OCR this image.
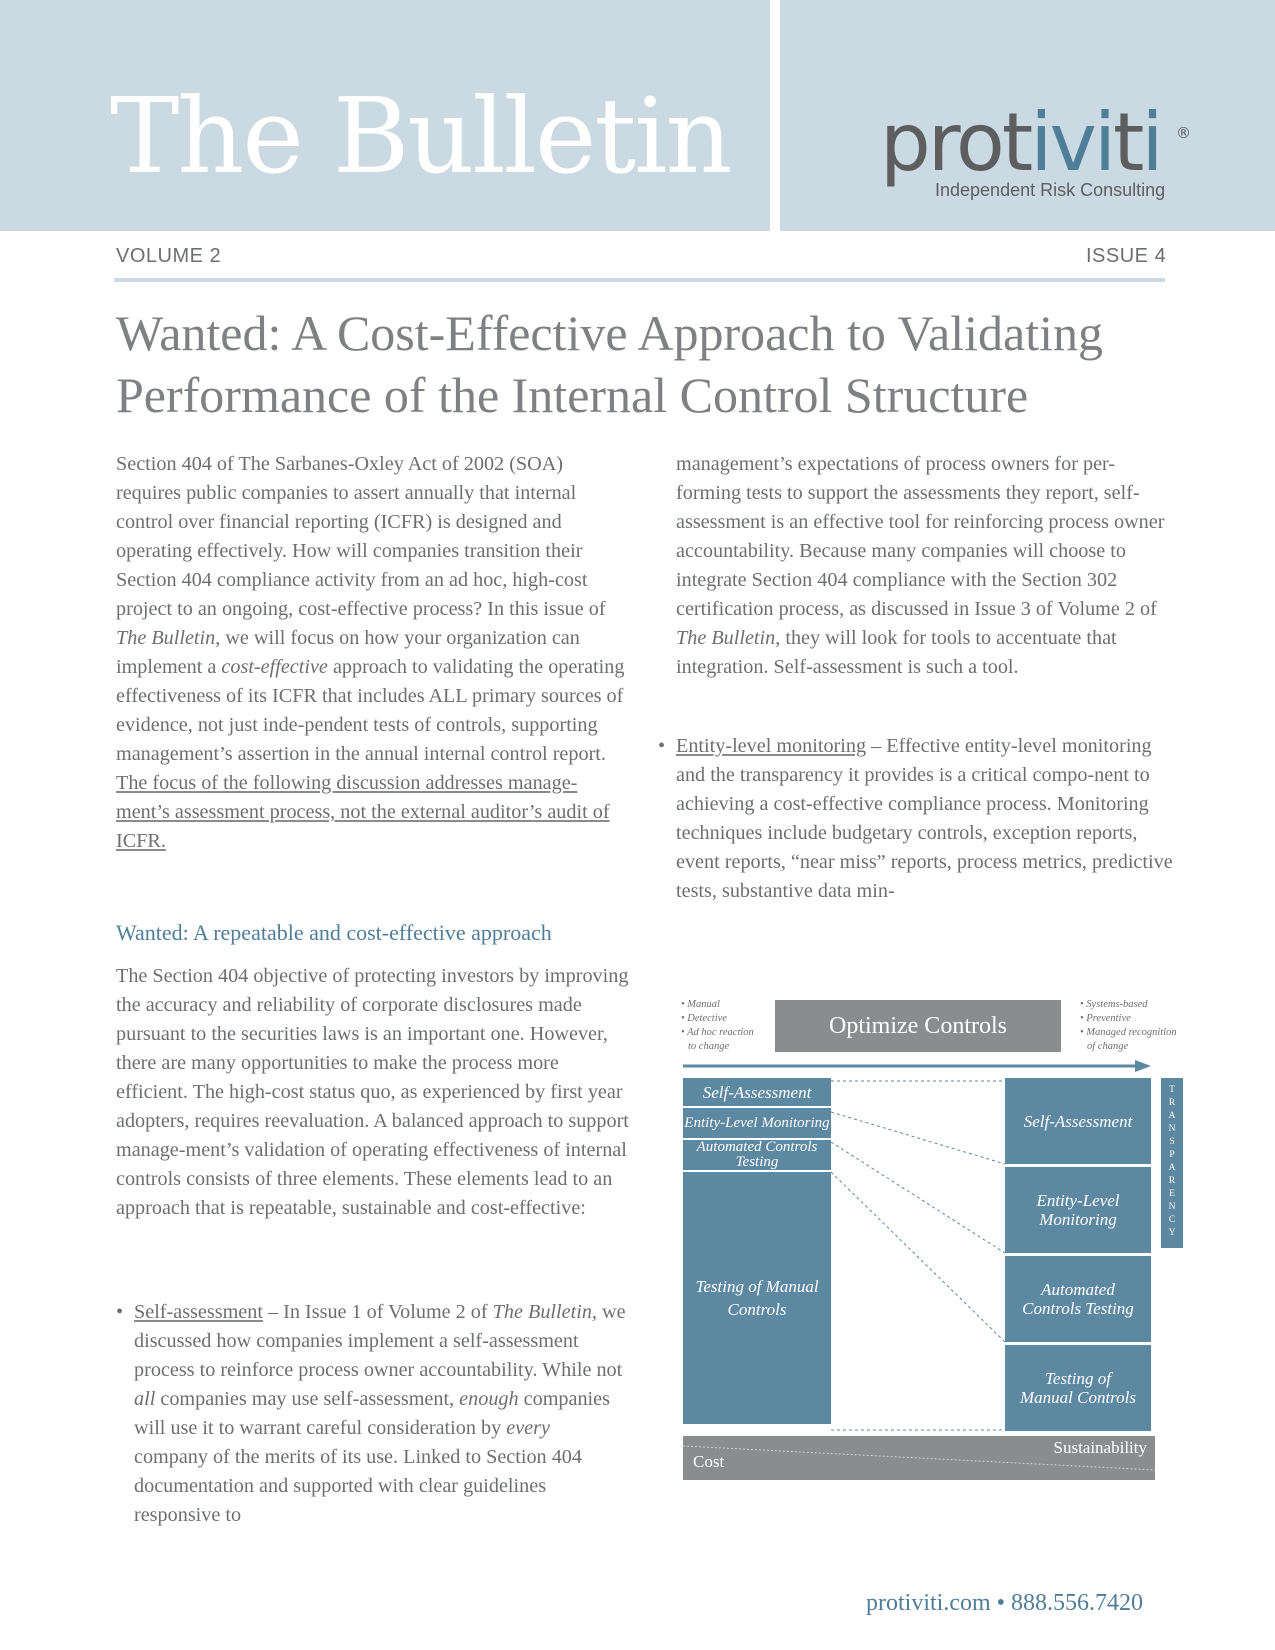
The Bulletin protiviti ®
Independent Risk Consulting
VOLUME 2	ISSUE 4
Wanted: A Cost-Effective Approach to Validating
Performance of the Internal Control Structure

Section 404 of The Sarbanes-Oxley Act of 2002 (SOA) requires public companies to assert annually that internal control over financial reporting (ICFR) is designed and operating effectively. How will companies transition their Section 404 compliance activity from an ad hoc, high-cost project to an ongoing, cost-effective process? In this issue of The Bulletin, we will focus on how your organization can implement a cost-effective approach to validating the operating effectiveness of its ICFR that includes ALL primary sources of evidence, not just inde-pendent tests of controls, supporting management’s assertion in the annual internal control report. The focus of the following discussion addresses manage-ment’s assessment process, not the external auditor’s audit of ICFR.

Wanted: A repeatable and cost-effective approach

The Section 404 objective of protecting investors by improving the accuracy and reliability of corporate disclosures made pursuant to the securities laws is an important one. However, there are many opportunities to make the process more efficient. The high-cost status quo, as experienced by first year adopters, requires reevaluation. A balanced approach to support manage-ment’s validation of operating effectiveness of internal controls consists of three elements. These elements lead to an approach that is repeatable, sustainable and cost-effective:

• Self-assessment – In Issue 1 of Volume 2 of The Bulletin, we discussed how companies implement a self-assessment process to reinforce process owner accountability. While not all companies may use self-assessment, enough companies will use it to warrant careful consideration by every company of the merits of its use. Linked to Section 404 documentation and supported with clear guidelines responsive to

management’s expectations of process owners for per-forming tests to support the assessments they report, self-assessment is an effective tool for reinforcing process owner accountability. Because many companies will choose to integrate Section 404 compliance with the Section 302 certification process, as discussed in Issue 3 of Volume 2 of The Bulletin, they will look for tools to accentuate that integration. Self-assessment is such a tool.

• Entity-level monitoring – Effective entity-level monitoring and the transparency it provides is a critical compo-nent to achieving a cost-effective compliance process. Monitoring techniques include budgetary controls, exception reports, event reports, “near miss” reports, process metrics, predictive tests, substantive data min-
• Manual
• Detective
• Ad hoc reaction
to change
Optimize Controls
• Systems-based
• Preventive
• Managed recognition
of change
Self-Assessment
Entity-Level Monitoring
Automated Controls Testing
Testing of Manual Controls
Self-Assessment
Entity-Level Monitoring
Automated Controls Testing
Testing of Manual Controls
T
R
A
N
S
P
A
R
E
N
C
Y
Cost
Sustainability
protiviti.com • 888.556.7420
